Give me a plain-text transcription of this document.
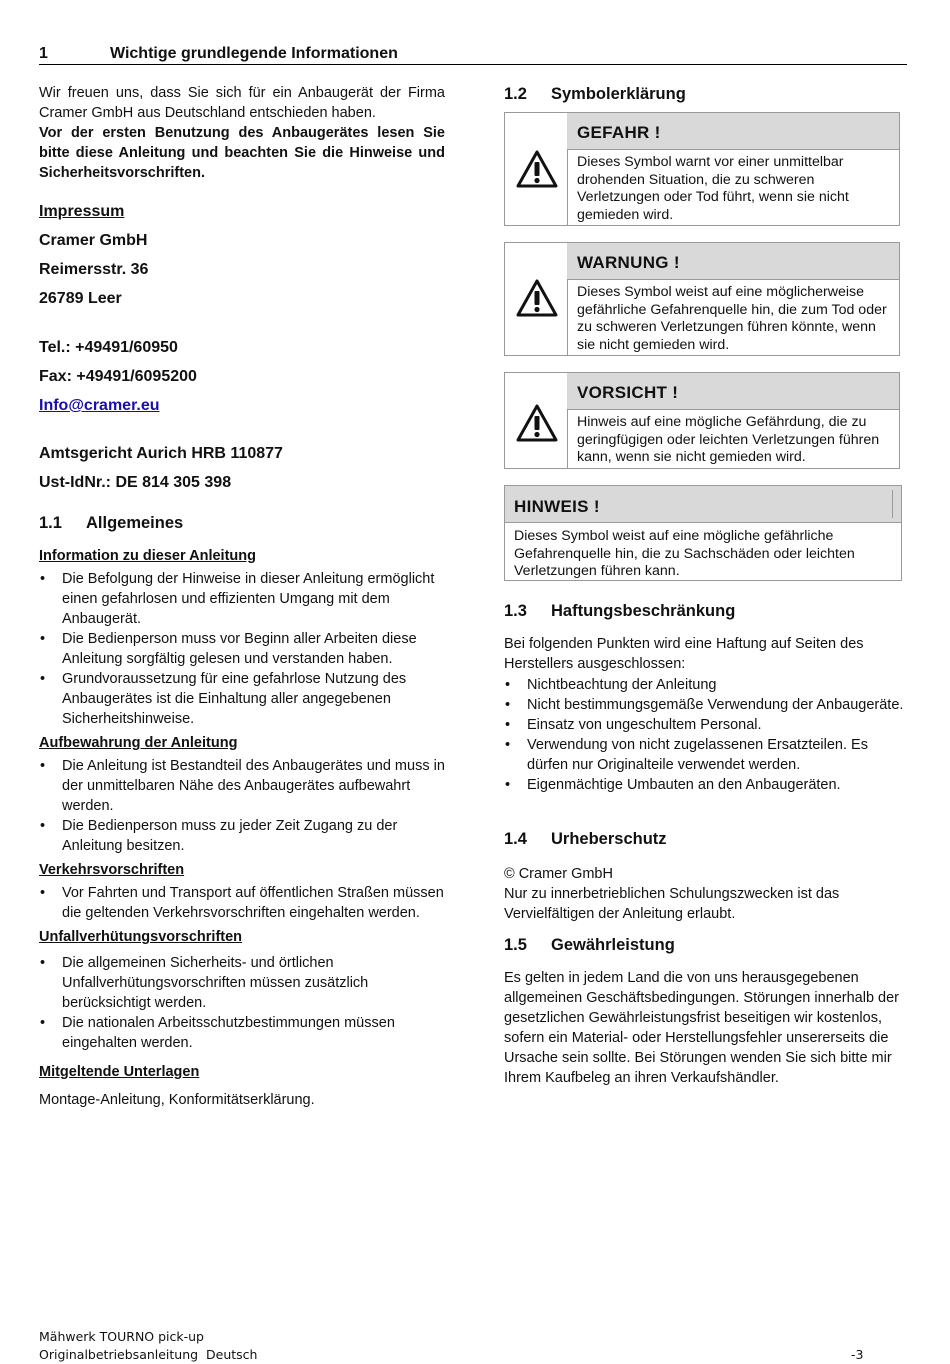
1	Wichtige grundlegende Informationen
Wir freuen uns, dass Sie sich für ein Anbaugerät der Firma Cramer GmbH aus Deutschland entschieden haben.
Vor der ersten Benutzung des Anbaugerätes lesen Sie bitte diese Anleitung und beachten Sie die Hinweise und Sicherheitsvorschriften.
Impressum
Cramer GmbH
Reimersstr. 36
26789 Leer
Tel.: +49491/60950
Fax: +49491/6095200
Info@cramer.eu
Amtsgericht Aurich HRB 110877
Ust-IdNr.: DE 814 305 398
1.1 Allgemeines
Information zu dieser Anleitung
• Die Befolgung der Hinweise in dieser Anleitung ermöglicht einen gefahrlosen und effizienten Umgang mit dem Anbaugerät.
• Die Bedienperson muss vor Beginn aller Arbeiten diese Anleitung sorgfältig gelesen und verstanden haben.
• Grundvoraussetzung für eine gefahrlose Nutzung des Anbaugerätes ist die Einhaltung aller angegebenen Sicherheitshinweise.
Aufbewahrung der Anleitung
• Die Anleitung ist Bestandteil des Anbaugerätes und muss in der unmittelbaren Nähe des Anbaugerätes aufbewahrt werden.
• Die Bedienperson muss zu jeder Zeit Zugang zu der Anleitung besitzen.
Verkehrsvorschriften
• Vor Fahrten und Transport auf öffentlichen Straßen müssen die geltenden Verkehrsvorschriften eingehalten werden.
Unfallverhütungsvorschriften
• Die allgemeinen Sicherheits- und örtlichen Unfallverhütungsvorschriften müssen zusätzlich berücksichtigt werden.
• Die nationalen Arbeitsschutzbestimmungen müssen eingehalten werden.
Mitgeltende Unterlagen
Montage-Anleitung, Konformitätserklärung.
1.2 Symbolerklärung
GEFAHR !
Dieses Symbol warnt vor einer unmittelbar drohenden Situation, die zu schweren Verletzungen oder Tod führt, wenn sie nicht gemieden wird.
WARNUNG !
Dieses Symbol weist auf eine möglicherweise gefährliche Gefahrenquelle hin, die zum Tod oder zu schweren Verletzungen führen könnte, wenn sie nicht gemieden wird.
VORSICHT !
Hinweis auf eine mögliche Gefährdung, die zu geringfügigen oder leichten Verletzungen führen kann, wenn sie nicht gemieden wird.
HINWEIS !
Dieses Symbol weist auf eine mögliche gefährliche Gefahrenquelle hin, die zu Sachschäden oder leichten Verletzungen führen kann.
1.3 Haftungsbeschränkung
Bei folgenden Punkten wird eine Haftung auf Seiten des Herstellers ausgeschlossen:
• Nichtbeachtung der Anleitung
• Nicht bestimmungsgemäße Verwendung der Anbaugeräte.
• Einsatz von ungeschultem Personal.
• Verwendung von nicht zugelassenen Ersatzteilen. Es dürfen nur Originalteile verwendet werden.
• Eigenmächtige Umbauten an den Anbaugeräten.
1.4 Urheberschutz
© Cramer GmbH
Nur zu innerbetrieblichen Schulungszwecken ist das Vervielfältigen der Anleitung erlaubt.
1.5 Gewährleistung
Es gelten in jedem Land die von uns herausgegebenen allgemeinen Geschäftsbedingungen. Störungen innerhalb der gesetzlichen Gewährleistungsfrist beseitigen wir kostenlos, sofern ein Material- oder Herstellungsfehler unsererseits die Ursache sein sollte. Bei Störungen wenden Sie sich bitte mir Ihrem Kaufbeleg an ihren Verkaufshändler.
Mähwerk TOURNO pick-up
Originalbetriebsanleitung  Deutsch	-3
